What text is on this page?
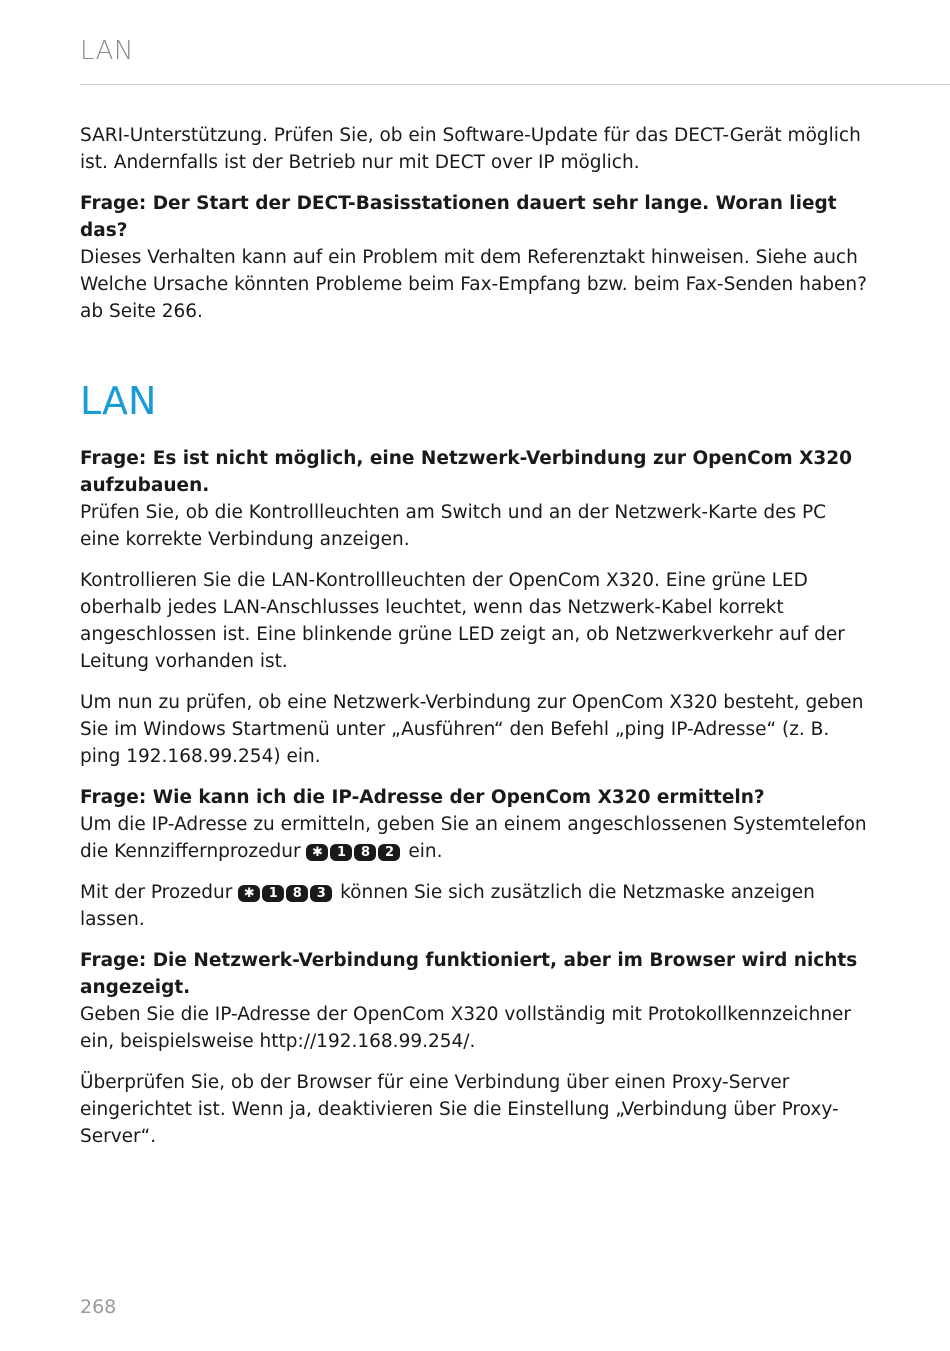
LAN

SARI-Unterstützung. Prüfen Sie, ob ein Software-Update für das DECT-Gerät möglich ist. Andernfalls ist der Betrieb nur mit DECT over IP möglich.

Frage: Der Start der DECT-Basisstationen dauert sehr lange. Woran liegt das?

Dieses Verhalten kann auf ein Problem mit dem Referenztakt hinweisen. Siehe auch Welche Ursache könnten Probleme beim Fax-Empfang bzw. beim Fax-Senden haben? ab Seite 266.

LAN

Frage: Es ist nicht möglich, eine Netzwerk-Verbindung zur OpenCom X320 aufzubauen.

Prüfen Sie, ob die Kontrollleuchten am Switch und an der Netzwerk-Karte des PC eine korrekte Verbindung anzeigen.

Kontrollieren Sie die LAN-Kontrollleuchten der OpenCom X320. Eine grüne LED oberhalb jedes LAN-Anschlusses leuchtet, wenn das Netzwerk-Kabel korrekt angeschlossen ist. Eine blinkende grüne LED zeigt an, ob Netzwerkverkehr auf der Leitung vorhanden ist.

Um nun zu prüfen, ob eine Netzwerk-Verbindung zur OpenCom X320 besteht, geben Sie im Windows Startmenü unter „Ausführen“ den Befehl „ping IP-Adresse“ (z. B. ping 192.168.99.254) ein.

Frage: Wie kann ich die IP-Adresse der OpenCom X320 ermitteln?

Um die IP-Adresse zu ermitteln, geben Sie an einem angeschlossenen Systemtelefon die Kennziffernprozedur ✱ 1 8 2 ein.

Mit der Prozedur ✱ 1 8 3 können Sie sich zusätzlich die Netzmaske anzeigen lassen.

Frage: Die Netzwerk-Verbindung funktioniert, aber im Browser wird nichts angezeigt.

Geben Sie die IP-Adresse der OpenCom X320 vollständig mit Protokollkennzeichner ein, beispielsweise http://192.168.99.254/.

Überprüfen Sie, ob der Browser für eine Verbindung über einen Proxy-Server eingerichtet ist. Wenn ja, deaktivieren Sie die Einstellung „Verbindung über Proxy-Server“.

268
